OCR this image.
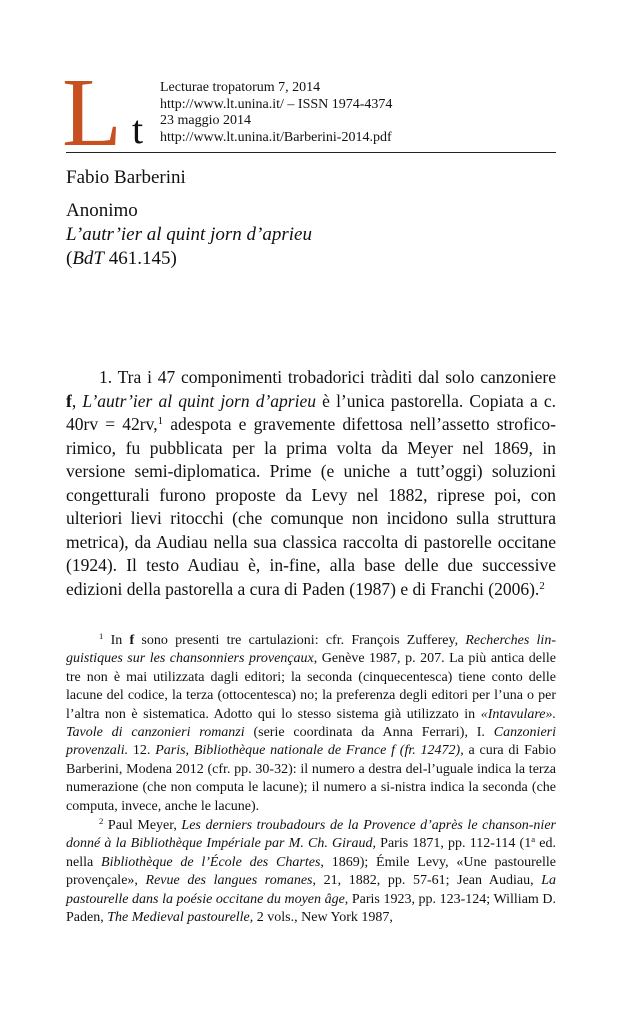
L t
Lecturae tropatorum 7, 2014
http://www.lt.unina.it/ – ISSN 1974-4374
23 maggio 2014
http://www.lt.unina.it/Barberini-2014.pdf
Fabio Barberini
Anonimo
L’autr’ier al quint jorn d’aprieu
(BdT 461.145)

1. Tra i 47 componimenti trobadorici tràditi dal solo canzoniere f, L’autr’ier al quint jorn d’aprieu è l’unica pastorella. Copiata a c. 40rv = 42rv,$^1$ adespota e gravemente difettosa nell’assetto strofico-rimico, fu pubblicata per la prima volta da Meyer nel 1869, in versione semi-diplomatica. Prime (e uniche a tutt’oggi) soluzioni congetturali furono proposte da Levy nel 1882, riprese poi, con ulteriori lievi ritocchi (che comunque non incidono sulla struttura metrica), da Audiau nella sua classica raccolta di pastorelle occitane (1924). Il testo Audiau è, in-fine, alla base delle due successive edizioni della pastorella a cura di Paden (1987) e di Franchi (2006).$^2$

$^1$ In f sono presenti tre cartulazioni: cfr. François Zufferey, Recherches lin-guistiques sur les chansonniers provençaux, Genève 1987, p. 207. La più antica delle tre non è mai utilizzata dagli editori; la seconda (cinquecentesca) tiene conto delle lacune del codice, la terza (ottocentesca) no; la preferenza degli editori per l’una o per l’altra non è sistematica. Adotto qui lo stesso sistema già utilizzato in «Intavulare». Tavole di canzonieri romanzi (serie coordinata da Anna Ferrari), I. Canzonieri provenzali. 12. Paris, Bibliothèque nationale de France f (fr. 12472), a cura di Fabio Barberini, Modena 2012 (cfr. pp. 30-32): il numero a destra del-l’uguale indica la terza numerazione (che non computa le lacune); il numero a si-nistra indica la seconda (che computa, invece, anche le lacune).

$^2$ Paul Meyer, Les derniers troubadours de la Provence d’après le chanson-nier donné à la Bibliothèque Impériale par M. Ch. Giraud, Paris 1871, pp. 112-114 (1$^a$ ed. nella Bibliothèque de l’École des Chartes, 1869); Émile Levy, «Une pastourelle provençale», Revue des langues romanes, 21, 1882, pp. 57-61; Jean Audiau, La pastourelle dans la poésie occitane du moyen âge, Paris 1923, pp. 123-124; William D. Paden, The Medieval pastourelle, 2 vols., New York 1987,
